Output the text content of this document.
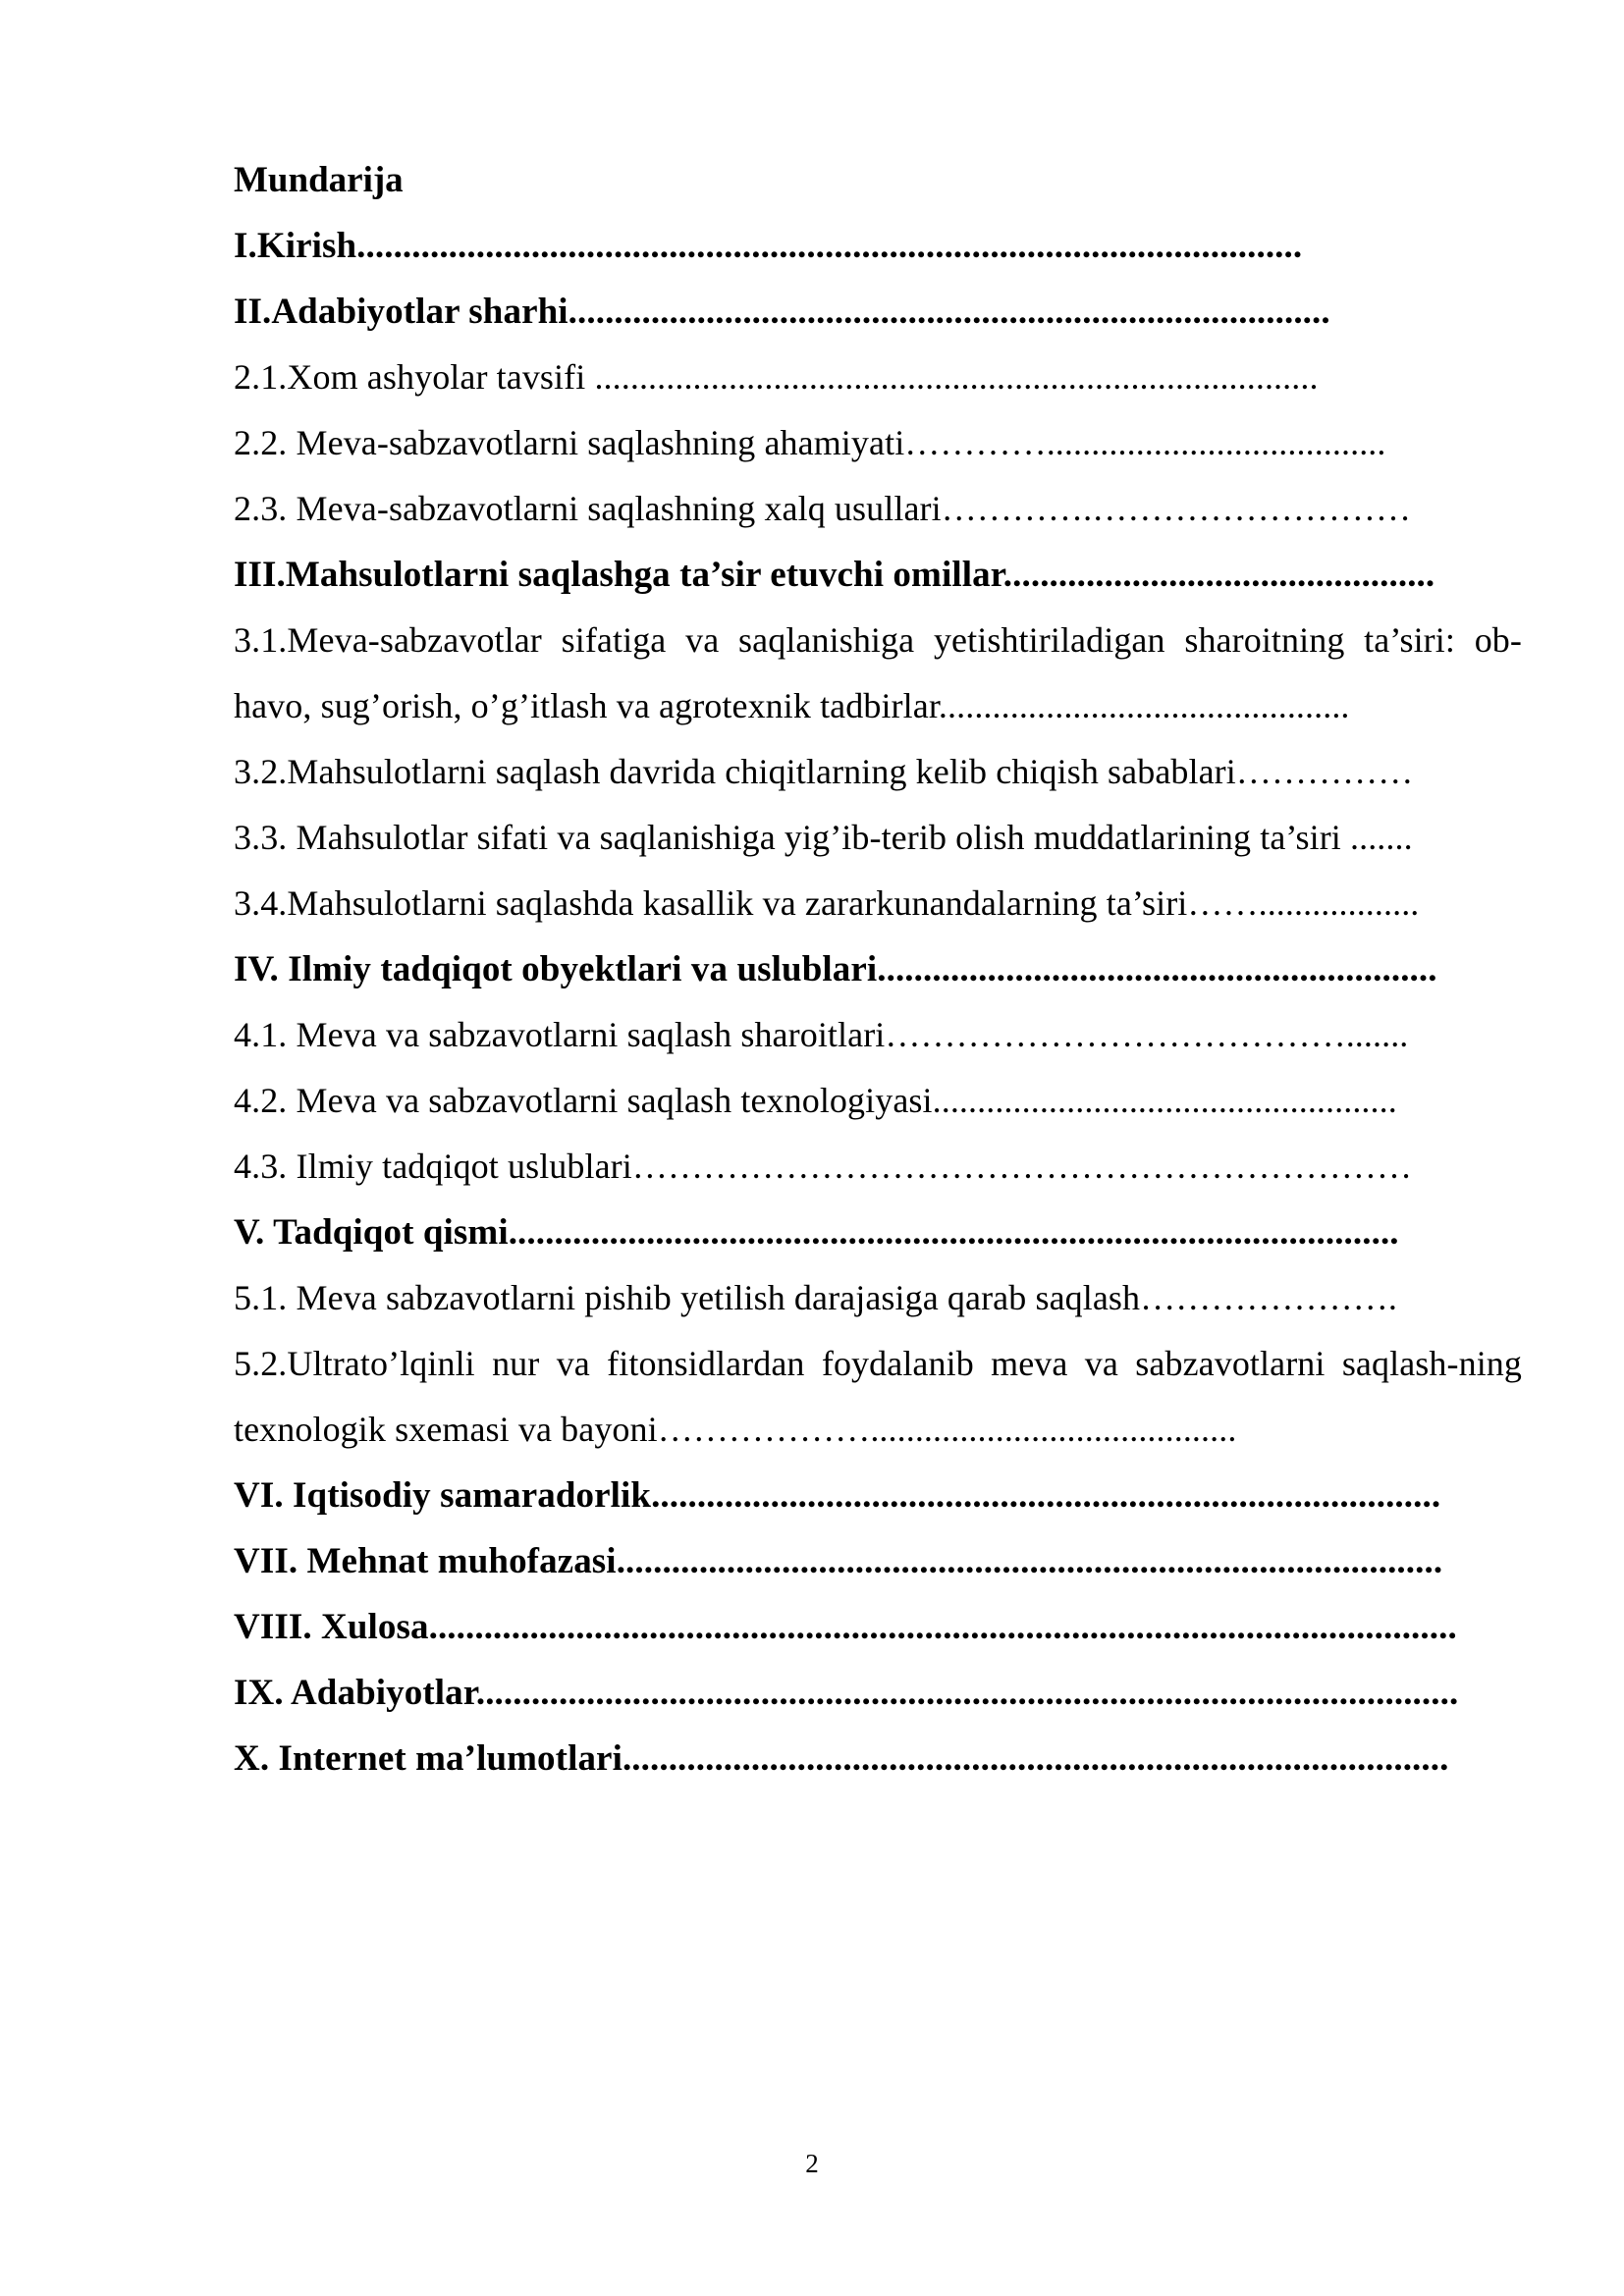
Mundarija
I.Kirish.......................................................................................................
II.Adabiyotlar sharhi...................................................................................
2.1.Xom ashyolar tavsifi .................................................................................
2.2. Meva-sabzavotlarni saqlashning ahamiyati…………......................................
2.3. Meva-sabzavotlarni saqlashning xalq usullari………….………………………
III.Mahsulotlarni saqlashga ta’sir etuvchi omillar...............................................
3.1.Meva-sabzavotlar sifatiga va saqlanishiga yetishtiriladigan sharoitning ta’siri: ob-havo, sug’orish, o’g’itlash va agrotexnik tadbirlar..............................................
3.2.Mahsulotlarni saqlash davrida chiqitlarning kelib chiqish sabablari……………
3.3. Mahsulotlar sifati va saqlanishiga yig’ib-terib olish muddatlarining ta’siri .......
3.4.Mahsulotlarni saqlashda kasallik va zararkunandalarning ta’siri……..................
IV. Ilmiy tadqiqot obyektlari va uslublari.............................................................
4.1. Meva va sabzavotlarni saqlash sharoitlari………………………………….......
4.2. Meva va sabzavotlarni saqlash texnologiyasi....................................................
4.3. Ilmiy tadqiqot uslublari…………………………………………………………
V. Tadqiqot qismi.................................................................................................
5.1. Meva sabzavotlarni pishib yetilish darajasiga qarab saqlash………………….
5.2.Ultrato’lqinli nur va fitonsidlardan foydalanib meva va sabzavotlarni saqlash-ning texnologik sxemasi va bayoni……………….........................................
VI. Iqtisodiy samaradorlik......................................................................................
VII. Mehnat muhofazasi..........................................................................................
VIII. Xulosa................................................................................................................
IX. Adabiyotlar...........................................................................................................
X. Internet ma’lumotlari..........................................................................................
2
